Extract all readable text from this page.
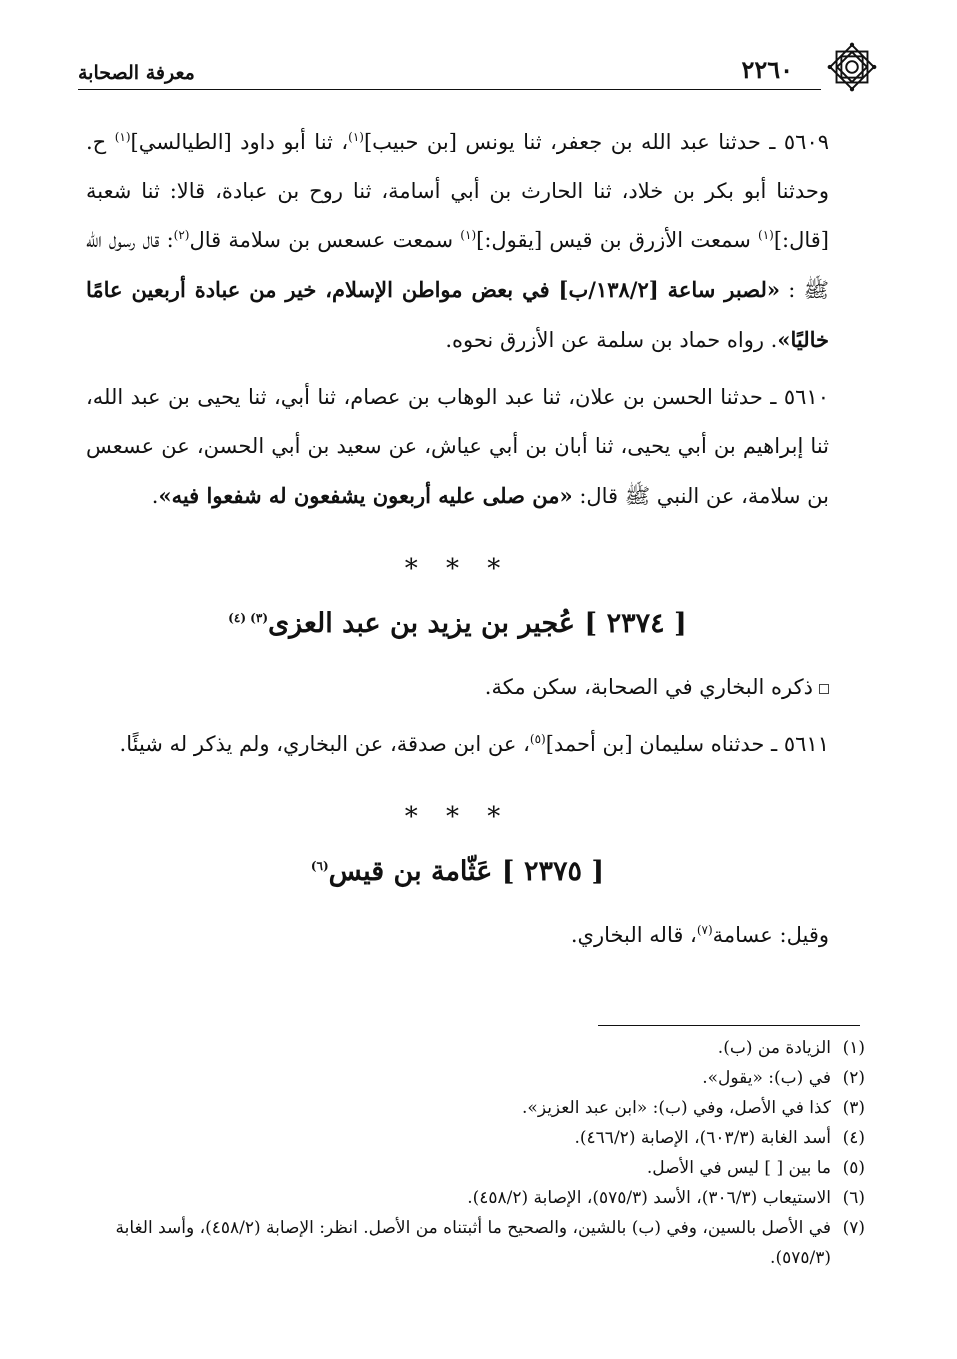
٢٢٦٠
معرفة الصحابة

٥٦٠٩ ـ حدثنا عبد الله بن جعفر، ثنا يونس [بن حبيب]$^{(١)}$، ثنا أبو داود [الطيالسي]$^{(١)}$ ح. وحدثنا أبو بكر بن خلاد، ثنا الحارث بن أبي أسامة، ثنا روح بن عبادة، قالا: ثنا شعبة [قال:]$^{(١)}$ سمعت الأزرق بن قيس [يقول:]$^{(١)}$ سمعت عسعس بن سلامة قال$^{(٢)}$: قال رسول الله ﷺ : «لصبر ساعة [١٣٨/٢/ب] في بعض مواطن الإسلام، خير من عبادة أربعين عامًا خاليًا». رواه حماد بن سلمة عن الأزرق نحوه.

٥٦١٠ ـ حدثنا الحسن بن علان، ثنا عبد الوهاب بن عصام، ثنا أبي، ثنا يحيى بن عبد الله، ثنا إبراهيم بن أبي يحيى، ثنا أبان بن أبي عياش، عن سعيد بن أبي الحسن، عن عسعس بن سلامة، عن النبي ﷺ قال: «من صلى عليه أربعون يشفعون له شفعوا فيه».

* * *
[ ٢٣٧٤ ] عُجير بن يزيد بن عبد العزى$^{(٣) (٤)}$

ذكره البخاري في الصحابة، سكن مكة.

٥٦١١ ـ حدثناه سليمان [بن أحمد]$^{(٥)}$، عن ابن صدقة، عن البخاري، ولم يذكر له شيئًا.

* * *
[ ٢٣٧٥ ] عَثّامة بن قيس$^{(٦)}$

وقيل: عسامة$^{(٧)}$، قاله البخاري.

(١)
الزيادة من (ب).
(٢)
في (ب): «يقول».
(٣)
كذا في الأصل، وفي (ب): «ابن عبد العزيز».
(٤)
أسد الغابة (٦٠٣/٣)، الإصابة (٤٦٦/٢).
(٥)
ما بين [ ] ليس في الأصل.
(٦)
الاستيعاب (٣٠٦/٣)، الأسد (٥٧٥/٣)، الإصابة (٤٥٨/٢).
(٧)
في الأصل بالسين، وفي (ب) بالشين، والصحيح ما أثبتناه من الأصل. انظر: الإصابة (٤٥٨/٢)، وأسد الغابة (٥٧٥/٣).
